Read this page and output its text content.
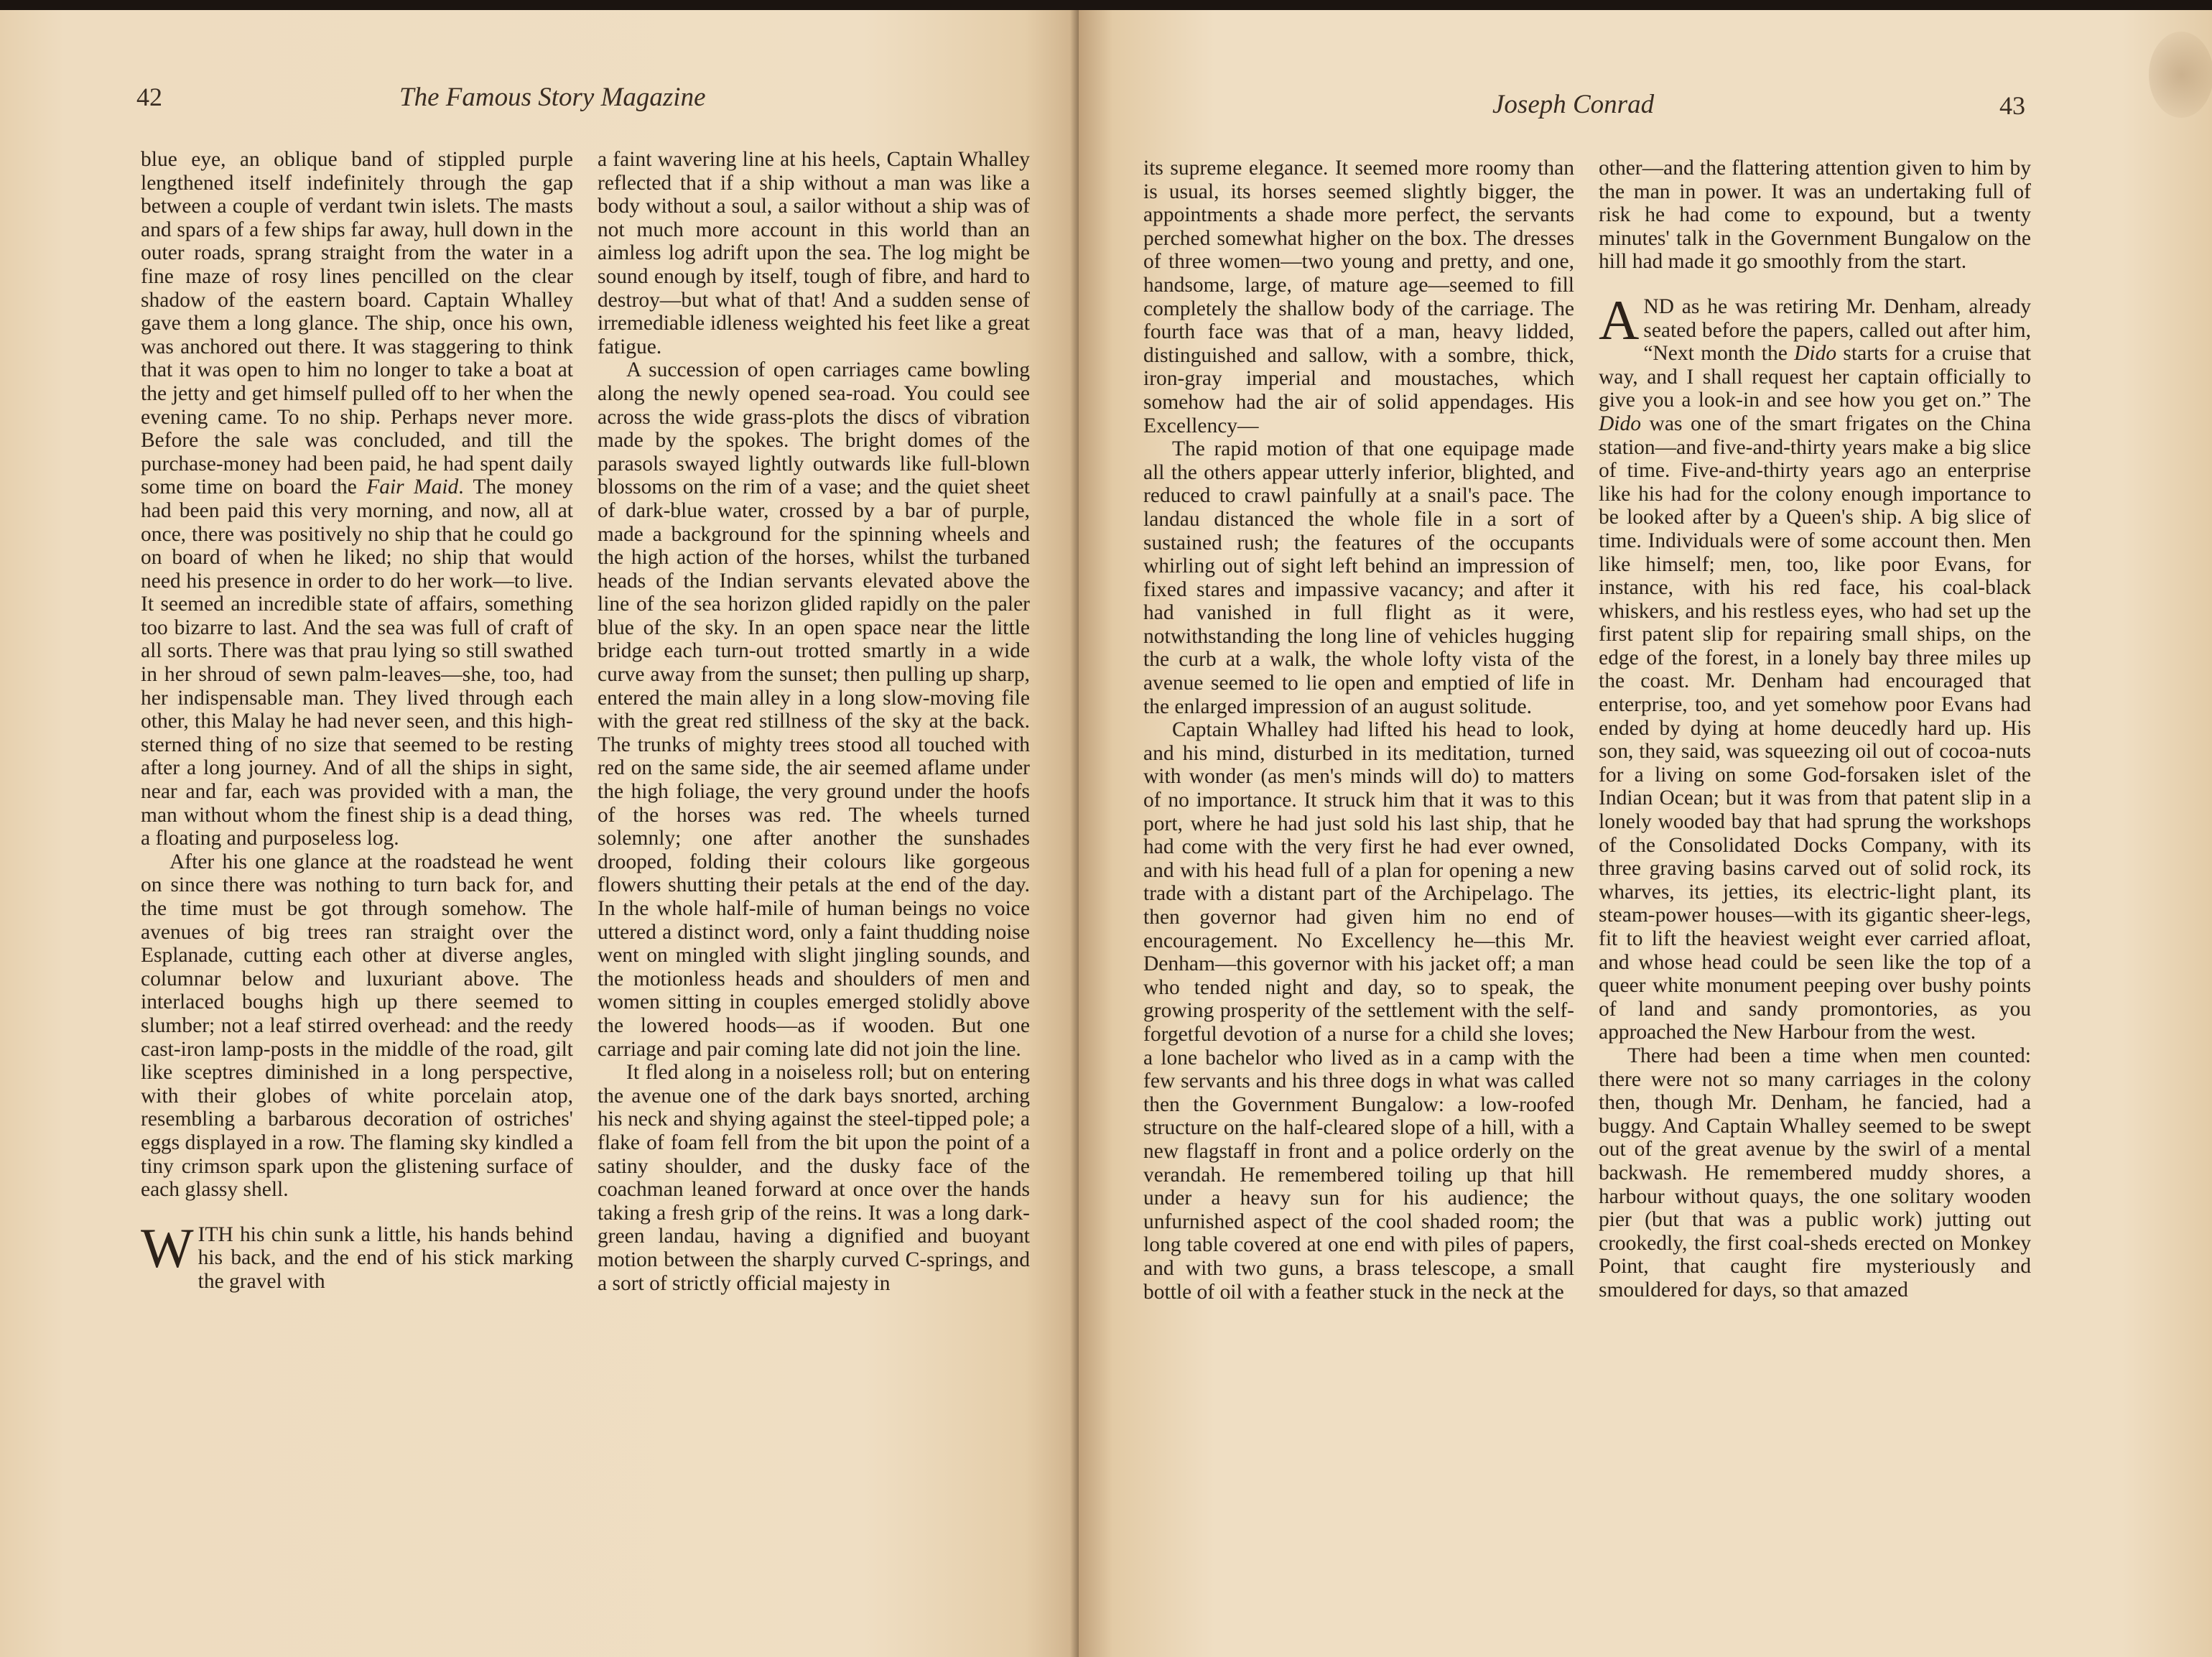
42	The Famous Story Magazine

blue eye, an oblique band of stippled purple lengthened itself indefinitely through the gap between a couple of verdant twin islets. The masts and spars of a few ships far away, hull down in the outer roads, sprang straight from the water in a fine maze of rosy lines pencilled on the clear shadow of the eastern board. Captain Whalley gave them a long glance. The ship, once his own, was anchored out there. It was staggering to think that it was open to him no longer to take a boat at the jetty and get himself pulled off to her when the evening came. To no ship. Perhaps never more. Before the sale was concluded, and till the purchase-money had been paid, he had spent daily some time on board the Fair Maid. The money had been paid this very morning, and now, all at once, there was positively no ship that he could go on board of when he liked; no ship that would need his presence in order to do her work—to live. It seemed an incredible state of affairs, something too bizarre to last. And the sea was full of craft of all sorts. There was that prau lying so still swathed in her shroud of sewn palm-leaves—she, too, had her indispensable man. They lived through each other, this Malay he had never seen, and this high-sterned thing of no size that seemed to be resting after a long journey. And of all the ships in sight, near and far, each was provided with a man, the man without whom the finest ship is a dead thing, a floating and purposeless log.

After his one glance at the roadstead he went on since there was nothing to turn back for, and the time must be got through somehow. The avenues of big trees ran straight over the Esplanade, cutting each other at diverse angles, columnar below and luxuriant above. The interlaced boughs high up there seemed to slumber; not a leaf stirred overhead: and the reedy cast-iron lamp-posts in the middle of the road, gilt like sceptres diminished in a long perspective, with their globes of white porcelain atop, resembling a barbarous decoration of ostriches' eggs displayed in a row. The flaming sky kindled a tiny crimson spark upon the glistening surface of each glassy shell.

WITH his chin sunk a little, his hands behind his back, and the end of his stick marking the gravel with

a faint wavering line at his heels, Captain Whalley reflected that if a ship without a man was like a body without a soul, a sailor without a ship was of not much more account in this world than an aimless log adrift upon the sea. The log might be sound enough by itself, tough of fibre, and hard to destroy—but what of that! And a sudden sense of irremediable idleness weighted his feet like a great fatigue.

A succession of open carriages came bowling along the newly opened sea-road. You could see across the wide grass-plots the discs of vibration made by the spokes. The bright domes of the parasols swayed lightly outwards like full-blown blossoms on the rim of a vase; and the quiet sheet of dark-blue water, crossed by a bar of purple, made a background for the spinning wheels and the high action of the horses, whilst the turbaned heads of the Indian servants elevated above the line of the sea horizon glided rapidly on the paler blue of the sky. In an open space near the little bridge each turn-out trotted smartly in a wide curve away from the sunset; then pulling up sharp, entered the main alley in a long slow-moving file with the great red stillness of the sky at the back. The trunks of mighty trees stood all touched with red on the same side, the air seemed aflame under the high foliage, the very ground under the hoofs of the horses was red. The wheels turned solemnly; one after another the sunshades drooped, folding their colours like gorgeous flowers shutting their petals at the end of the day. In the whole half-mile of human beings no voice uttered a distinct word, only a faint thudding noise went on mingled with slight jingling sounds, and the motionless heads and shoulders of men and women sitting in couples emerged stolidly above the lowered hoods—as if wooden. But one carriage and pair coming late did not join the line.

It fled along in a noiseless roll; but on entering the avenue one of the dark bays snorted, arching his neck and shying against the steel-tipped pole; a flake of foam fell from the bit upon the point of a satiny shoulder, and the dusky face of the coachman leaned forward at once over the hands taking a fresh grip of the reins. It was a long dark-green landau, having a dignified and buoyant motion between the sharply curved C-springs, and a sort of strictly official majesty in

Joseph Conrad	43

its supreme elegance. It seemed more roomy than is usual, its horses seemed slightly bigger, the appointments a shade more perfect, the servants perched somewhat higher on the box. The dresses of three women—two young and pretty, and one, handsome, large, of mature age—seemed to fill completely the shallow body of the carriage. The fourth face was that of a man, heavy lidded, distinguished and sallow, with a sombre, thick, iron-gray imperial and moustaches, which somehow had the air of solid appendages. His Excellency—

The rapid motion of that one equipage made all the others appear utterly inferior, blighted, and reduced to crawl painfully at a snail's pace. The landau distanced the whole file in a sort of sustained rush; the features of the occupants whirling out of sight left behind an impression of fixed stares and impassive vacancy; and after it had vanished in full flight as it were, notwithstanding the long line of vehicles hugging the curb at a walk, the whole lofty vista of the avenue seemed to lie open and emptied of life in the enlarged impression of an august solitude.

Captain Whalley had lifted his head to look, and his mind, disturbed in its meditation, turned with wonder (as men's minds will do) to matters of no importance. It struck him that it was to this port, where he had just sold his last ship, that he had come with the very first he had ever owned, and with his head full of a plan for opening a new trade with a distant part of the Archipelago. The then governor had given him no end of encouragement. No Excellency he—this Mr. Denham—this governor with his jacket off; a man who tended night and day, so to speak, the growing prosperity of the settlement with the self-forgetful devotion of a nurse for a child she loves; a lone bachelor who lived as in a camp with the few servants and his three dogs in what was called then the Government Bungalow: a low-roofed structure on the half-cleared slope of a hill, with a new flagstaff in front and a police orderly on the verandah. He remembered toiling up that hill under a heavy sun for his audience; the unfurnished aspect of the cool shaded room; the long table covered at one end with piles of papers, and with two guns, a brass telescope, a small bottle of oil with a feather stuck in the neck at the

other—and the flattering attention given to him by the man in power. It was an undertaking full of risk he had come to expound, but a twenty minutes' talk in the Government Bungalow on the hill had made it go smoothly from the start.

AND as he was retiring Mr. Denham, already seated before the papers, called out after him, “Next month the Dido starts for a cruise that way, and I shall request her captain officially to give you a look-in and see how you get on.” The Dido was one of the smart frigates on the China station—and five-and-thirty years make a big slice of time. Five-and-thirty years ago an enterprise like his had for the colony enough importance to be looked after by a Queen's ship. A big slice of time. Individuals were of some account then. Men like himself; men, too, like poor Evans, for instance, with his red face, his coal-black whiskers, and his restless eyes, who had set up the first patent slip for repairing small ships, on the edge of the forest, in a lonely bay three miles up the coast. Mr. Denham had encouraged that enterprise, too, and yet somehow poor Evans had ended by dying at home deucedly hard up. His son, they said, was squeezing oil out of cocoa-nuts for a living on some God-forsaken islet of the Indian Ocean; but it was from that patent slip in a lonely wooded bay that had sprung the workshops of the Consolidated Docks Company, with its three graving basins carved out of solid rock, its wharves, its jetties, its electric-light plant, its steam-power houses—with its gigantic sheer-legs, fit to lift the heaviest weight ever carried afloat, and whose head could be seen like the top of a queer white monument peeping over bushy points of land and sandy promontories, as you approached the New Harbour from the west.

There had been a time when men counted: there were not so many carriages in the colony then, though Mr. Denham, he fancied, had a buggy. And Captain Whalley seemed to be swept out of the great avenue by the swirl of a mental backwash. He remembered muddy shores, a harbour without quays, the one solitary wooden pier (but that was a public work) jutting out crookedly, the first coal-sheds erected on Monkey Point, that caught fire mysteriously and smouldered for days, so that amazed
